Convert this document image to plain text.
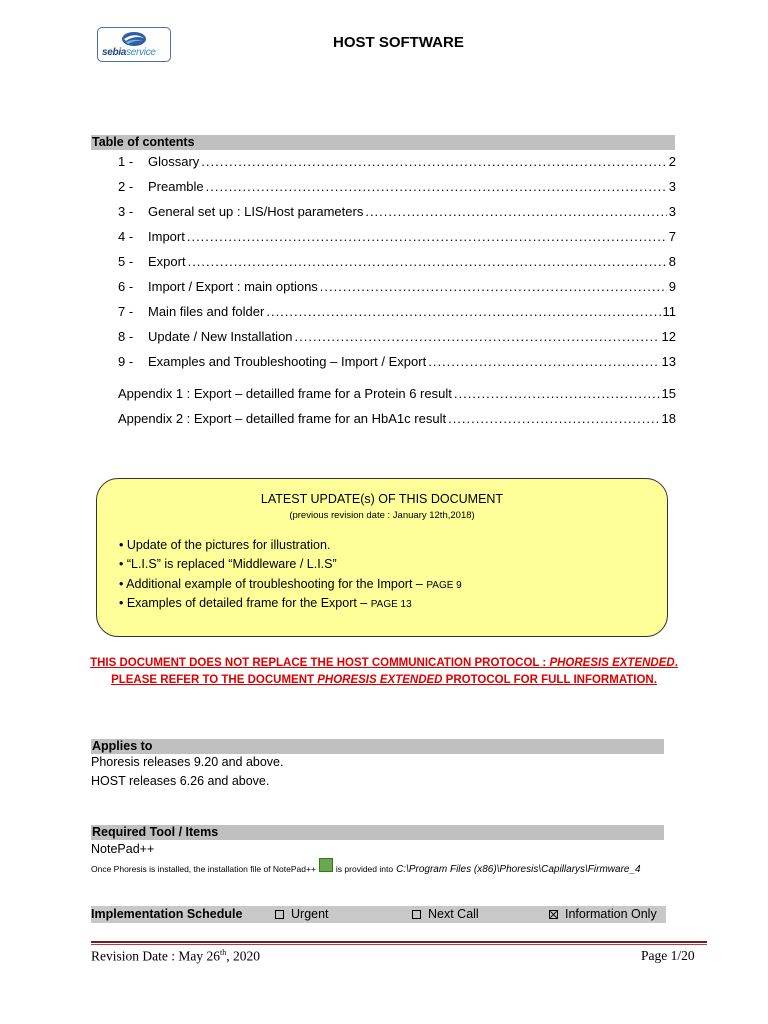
sebiaservice
HOST SOFTWARE
Table of contents
1 -	Glossary .....	2
2 -	Preamble .....	3
3 -	General set up : LIS/Host parameters .....	3
4 -	Import .....	7
5 -	Export .....	8
6 -	Import / Export : main options .....	9
7 -	Main files and folder .....	11
8 -	Update / New Installation .....	12
9 -	Examples and Troubleshooting – Import / Export .....	13
Appendix 1 : Export – detailled frame for a Protein 6 result .....	15
Appendix 2 : Export – detailled frame for an HbA1c result .....	18
LATEST UPDATE(s) OF THIS DOCUMENT
(previous revision date : January 12th,2018)
• Update of the pictures for illustration.
• “L.I.S” is replaced “Middleware / L.I.S”
• Additional example of troubleshooting for the Import – PAGE 9
• Examples of detailed frame for the Export – PAGE 13
THIS DOCUMENT DOES NOT REPLACE THE HOST COMMUNICATION PROTOCOL : PHORESIS EXTENDED.
PLEASE REFER TO THE DOCUMENT PHORESIS EXTENDED PROTOCOL FOR FULL INFORMATION.
Applies to
Phoresis releases 9.20 and above.
HOST releases 6.26 and above.
Required Tool / Items
NotePad++
Once Phoresis is installed, the installation file of NotePad++ is provided into C:\Program Files (x86)\Phoresis\Capillarys\Firmware_4
Implementation Schedule	Urgent	Next Call	Information Only
Revision Date : May 26th, 2020	Page 1/20
